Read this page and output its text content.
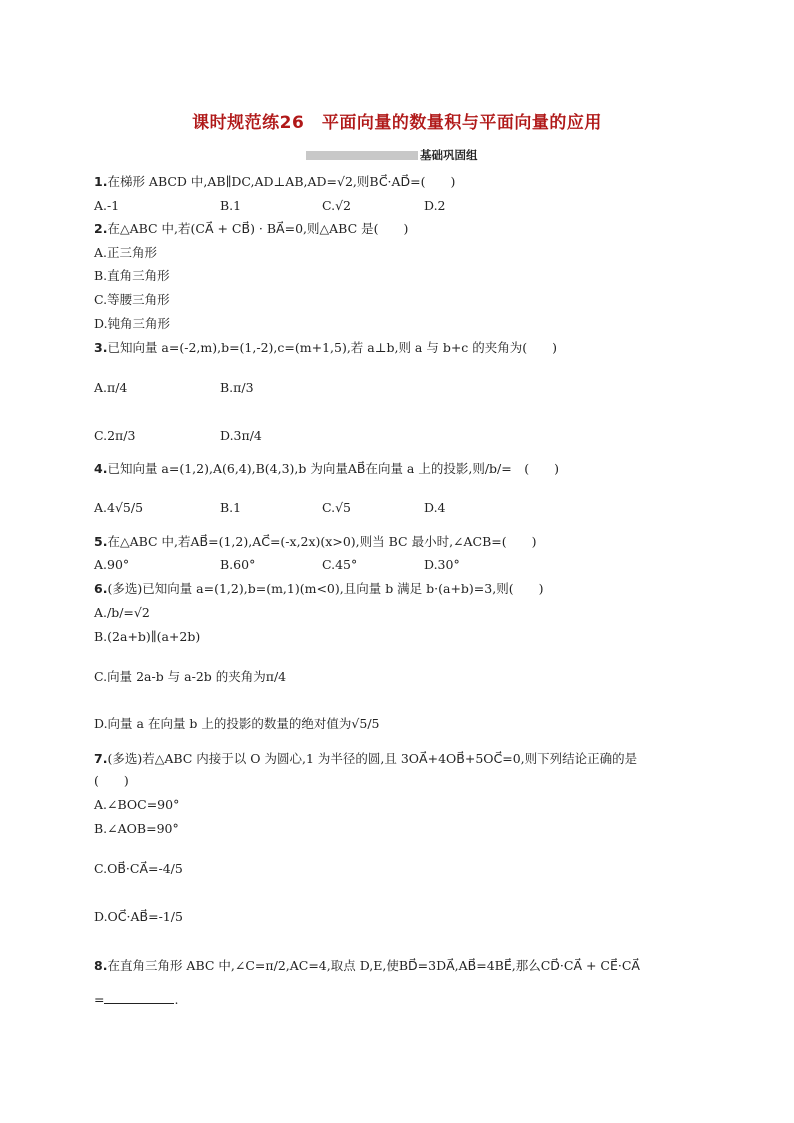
课时规范练26　平面向量的数量积与平面向量的应用
基础巩固组
1.在梯形 ABCD 中,AB∥DC,AD⊥AB,AD=√2,则BC⃗·AD⃗=(　　)
A.-1	B.1	C.√2	D.2
2.在△ABC 中,若(CA⃗ + CB⃗) · BA⃗=0,则△ABC 是(　　)
A.正三角形
B.直角三角形
C.等腰三角形
D.钝角三角形
3.已知向量 a=(-2,m),b=(1,-2),c=(m+1,5),若 a⊥b,则 a 与 b+c 的夹角为(　　)
A.π/4	B.π/3
C.2π/3	D.3π/4
4.已知向量 a=(1,2),A(6,4),B(4,3),b 为向量AB⃗在向量 a 上的投影,则/b/=　(　　)
A.4√5/5	B.1	C.√5	D.4
5.在△ABC 中,若AB⃗=(1,2),AC⃗=(-x,2x)(x>0),则当 BC 最小时,∠ACB=(　　)
A.90°	B.60°	C.45°	D.30°
6.(多选)已知向量 a=(1,2),b=(m,1)(m<0),且向量 b 满足 b·(a+b)=3,则(　　)
A./b/=√2
B.(2a+b)∥(a+2b)
C.向量 2a-b 与 a-2b 的夹角为π/4
D.向量 a 在向量 b 上的投影的数量的绝对值为√5/5
7.(多选)若△ABC 内接于以 O 为圆心,1 为半径的圆,且 3OA⃗+4OB⃗+5OC⃗=0,则下列结论正确的是
(　　)
A.∠BOC=90°
B.∠AOB=90°
C.OB⃗·CA⃗=-4/5
D.OC⃗·AB⃗=-1/5
8.在直角三角形 ABC 中,∠C=π/2,AC=4,取点 D,E,使BD⃗=3DA⃗,AB⃗=4BE⃗,那么CD⃗·CA⃗ + CE⃗·CA⃗
=	.
